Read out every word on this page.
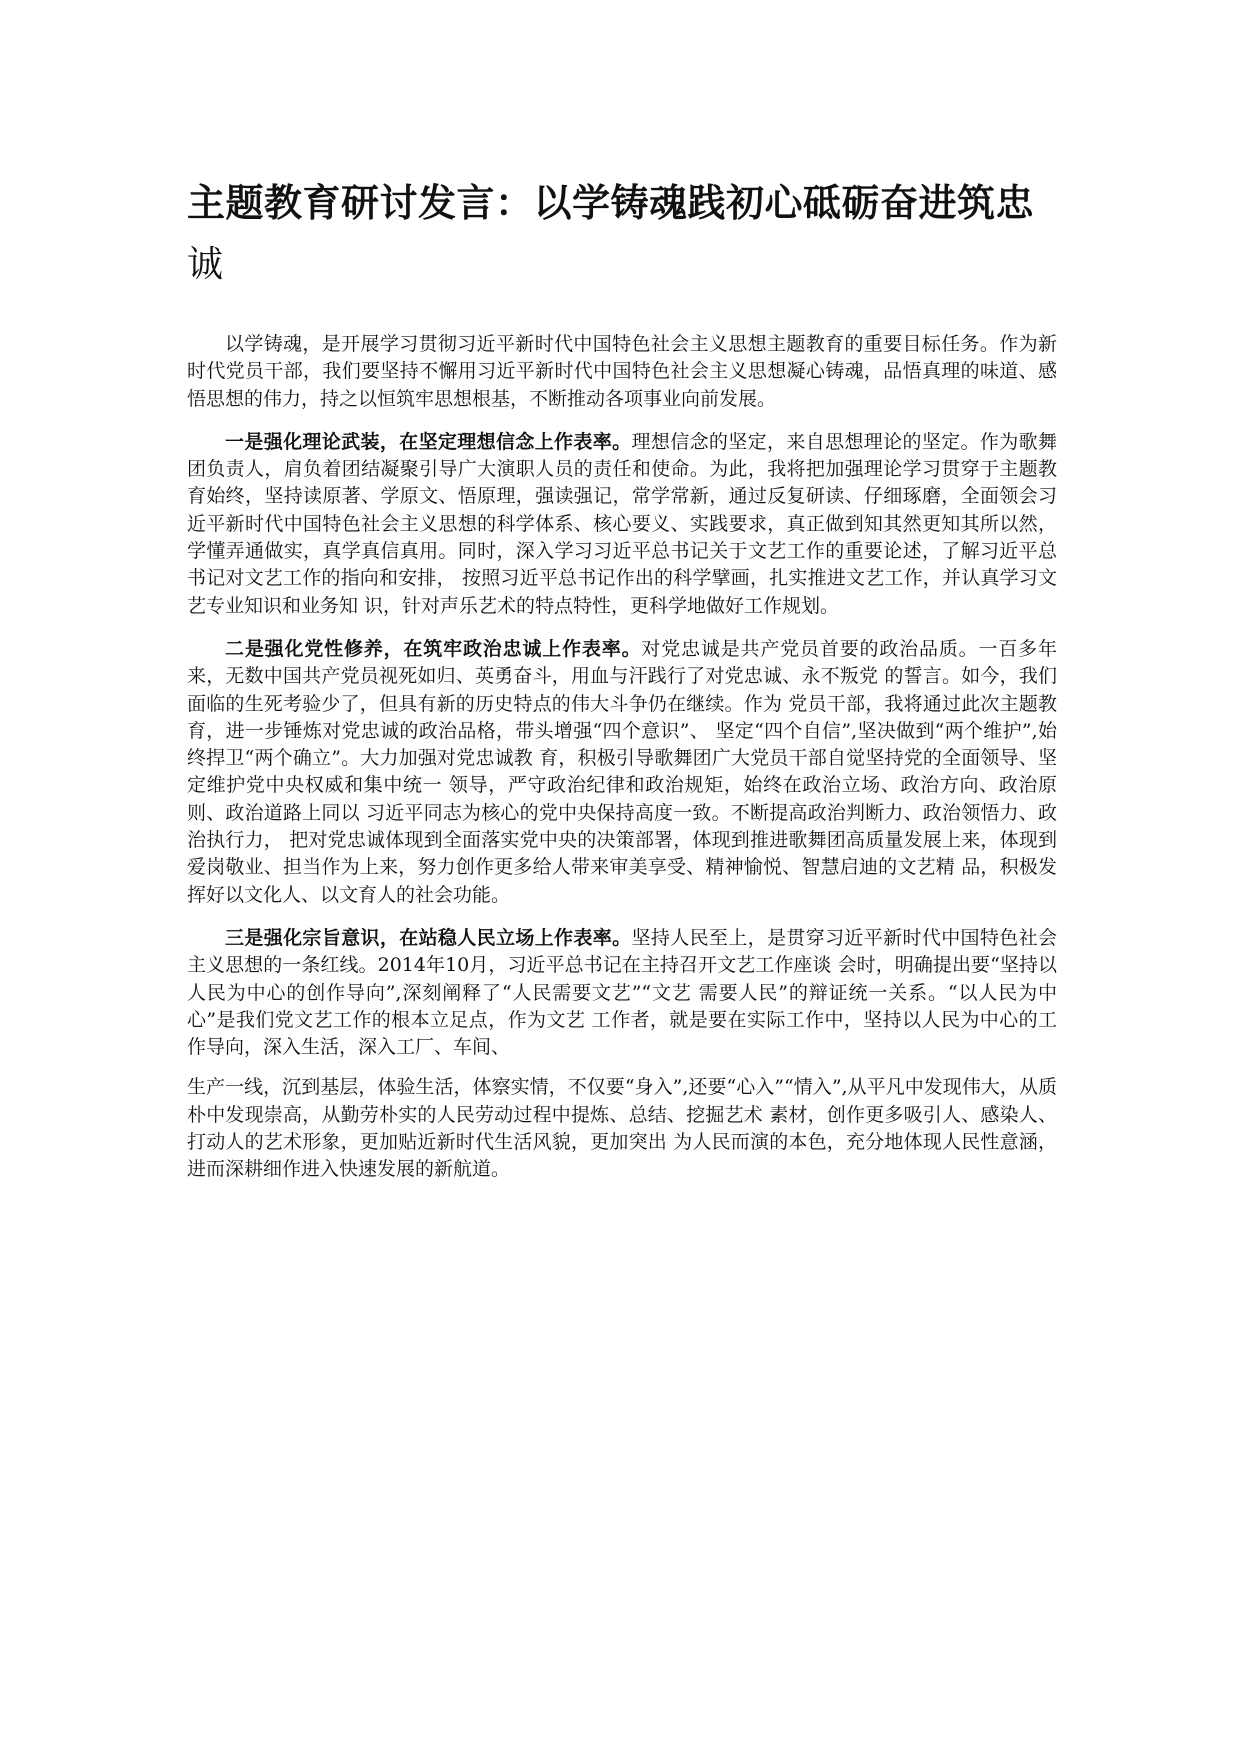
主题教育研讨发言：以学铸魂践初心砥砺奋进筑忠
诚

以学铸魂，是开展学习贯彻习近平新时代中国特色社会主义思想主题教育的重要目标任务。作为新时代党员干部，我们要坚持不懈用习近平新时代中国特色社会主义思想凝心铸魂，品悟真理的味道、感悟思想的伟力，持之以恒筑牢思想根基，不断推动各项事业向前发展。

一是强化理论武装，在坚定理想信念上作表率。理想信念的坚定，来自思想理论的坚定。作为歌舞团负责人，肩负着团结凝聚引导广大演职人员的责任和使命。为此，我将把加强理论学习贯穿于主题教育始终，坚持读原著、学原文、悟原理，强读强记，常学常新，通过反复研读、仔细琢磨，全面领会习近平新时代中国特色社会主义思想的科学体系、核心要义、实践要求，真正做到知其然更知其所以然，学懂弄通做实，真学真信真用。同时，深入学习习近平总书记关于文艺工作的重要论述，了解习近平总书记对文艺工作的指向和安排， 按照习近平总书记作出的科学擘画，扎实推进文艺工作，并认真学习文艺专业知识和业务知 识，针对声乐艺术的特点特性，更科学地做好工作规划。

二是强化党性修养，在筑牢政治忠诚上作表率。对党忠诚是共产党员首要的政治品质。一百多年来，无数中国共产党员视死如归、英勇奋斗，用血与汗践行了对党忠诚、永不叛党 的誓言。如今，我们面临的生死考验少了，但具有新的历史特点的伟大斗争仍在继续。作为 党员干部，我将通过此次主题教育，进一步锤炼对党忠诚的政治品格，带头增强“四个意识”、 坚定“四个自信”,坚决做到“两个维护”,始终捍卫“两个确立”。大力加强对党忠诚教 育，积极引导歌舞团广大党员干部自觉坚持党的全面领导、坚定维护党中央权威和集中统一 领导，严守政治纪律和政治规矩，始终在政治立场、政治方向、政治原则、政治道路上同以 习近平同志为核心的党中央保持高度一致。不断提高政治判断力、政治领悟力、政治执行力， 把对党忠诚体现到全面落实党中央的决策部署，体现到推进歌舞团高质量发展上来，体现到 爱岗敬业、担当作为上来，努力创作更多给人带来审美享受、精神愉悦、智慧启迪的文艺精 品，积极发挥好以文化人、以文育人的社会功能。

三是强化宗旨意识，在站稳人民立场上作表率。坚持人民至上，是贯穿习近平新时代中国特色社会主义思想的一条红线。2014年10月，习近平总书记在主持召开文艺工作座谈 会时，明确提出要“坚持以人民为中心的创作导向”,深刻阐释了“人民需要文艺”“文艺 需要人民”的辩证统一关系。“以人民为中心”是我们党文艺工作的根本立足点，作为文艺 工作者，就是要在实际工作中，坚持以人民为中心的工作导向，深入生活，深入工厂、车间、

生产一线，沉到基层，体验生活，体察实情，不仅要“身入”,还要“心入”“情入”,从平凡中发现伟大，从质朴中发现崇高，从勤劳朴实的人民劳动过程中提炼、总结、挖掘艺术 素材，创作更多吸引人、感染人、打动人的艺术形象，更加贴近新时代生活风貌，更加突出 为人民而演的本色，充分地体现人民性意涵，进而深耕细作进入快速发展的新航道。
